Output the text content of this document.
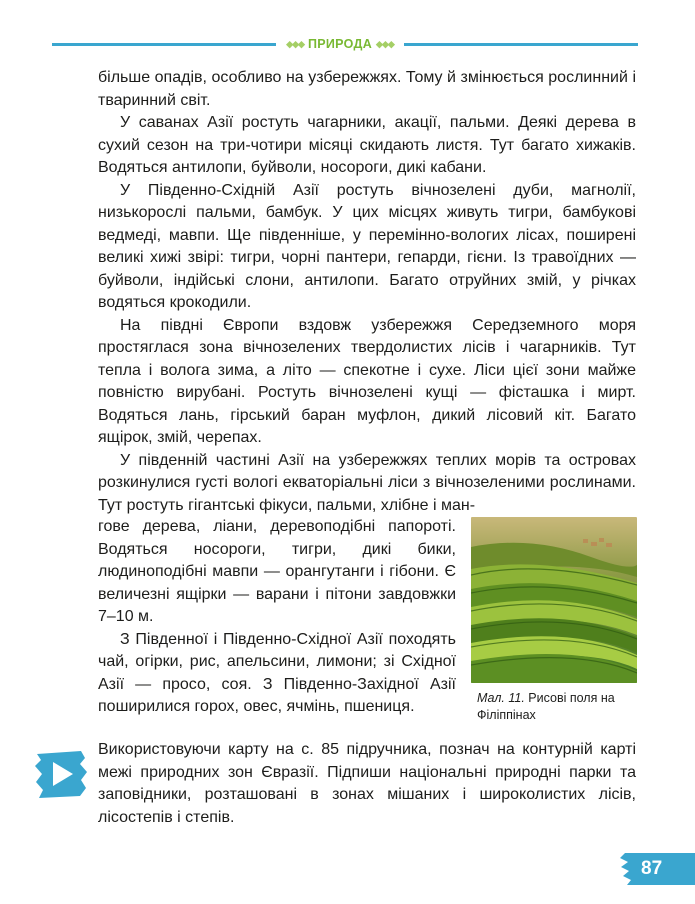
◆◆◆ ПРИРОДА ◆◆◆

більше опадів, особливо на узбережжях. Тому й змінюється рослинний і тваринний світ.

У саванах Азії ростуть чагарники, акації, пальми. Деякі дерева в сухий сезон на три-чотири місяці скидають листя. Тут багато хижаків. Водяться антилопи, буйволи, носороги, дикі кабани.

У Південно-Східній Азії ростуть вічнозелені дуби, магнолії, низькорослі пальми, бамбук. У цих місцях живуть тигри, бамбукові ведмеді, мавпи. Ще південніше, у перемінно-вологих лісах, поширені великі хижі звірі: тигри, чорні пантери, гепарди, гієни. Із травоїдних — буйволи, індійські слони, антилопи. Багато отруйних змій, у річках водяться крокодили.

На півдні Європи вздовж узбережжя Середземного моря простяглася зона вічнозелених твердолистих лісів і чагарників. Тут тепла і волога зима, а літо — спекотне і сухе. Ліси цієї зони майже повністю вирубані. Ростуть вічнозелені кущі — фісташка і мирт. Водяться лань, гірський баран муфлон, дикий лісовий кіт. Багато ящірок, змій, черепах.

У південній частині Азії на узбережжях теплих морів та островах розкинулися густі вологі екваторіальні ліси з вічнозеленими рослинами. Тут ростуть гігантські фікуси, пальми, хлібне і ман-

гове дерева, ліани, деревоподібні папороті. Водяться носороги, тигри, дикі бики, людиноподібні мавпи — орангутанги і гібони. Є величезні ящірки — варани і пітони завдовжки 7–10 м.

З Південної і Південно-Східної Азії походять чай, огірки, рис, апельсини, лимони; зі Східної Азії — просо, соя. З Південно-Західної Азії поширилися горох, овес, ячмінь, пшениця.	Мал. 11. Рисові поля на Філіппінах

Використовуючи карту на с. 85 підручника, познач на контурній карті межі природних зон Євразії. Підпиши національні природні парки та заповідники, розташовані в зонах мішаних і широколистих лісів, лісостепів і степів.

87
